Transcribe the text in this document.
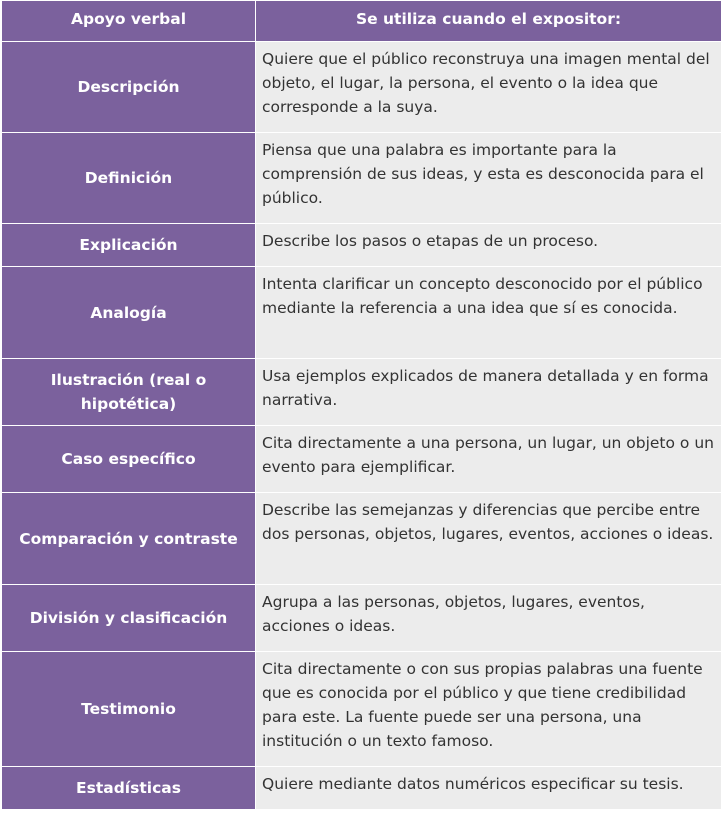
Apoyo verbal	Se utiliza cuando el expositor:
Descripción	Quiere que el público reconstruya una imagen mental del objeto, el lugar, la persona, el evento o la idea que corresponde a la suya.
Definición	Piensa que una palabra es importante para la comprensión de sus ideas, y esta es desconocida para el público.
Explicación	Describe los pasos o etapas de un proceso.
Analogía	Intenta clarificar un concepto desconocido por el público mediante la referencia a una idea que sí es conocida.
Ilustración (real o hipotética)	Usa ejemplos explicados de manera detallada y en forma narrativa.
Caso específico	Cita directamente a una persona, un lugar, un objeto o un evento para ejemplificar.
Comparación y contraste	Describe las semejanzas y diferencias que percibe entre dos personas, objetos, lugares, eventos, acciones o ideas.
División y clasificación	Agrupa a las personas, objetos, lugares, eventos, acciones o ideas.
Testimonio	Cita directamente o con sus propias palabras una fuente que es conocida por el público y que tiene credibilidad para este. La fuente puede ser una persona, una institución o un texto famoso.
Estadísticas	Quiere mediante datos numéricos especificar su tesis.
